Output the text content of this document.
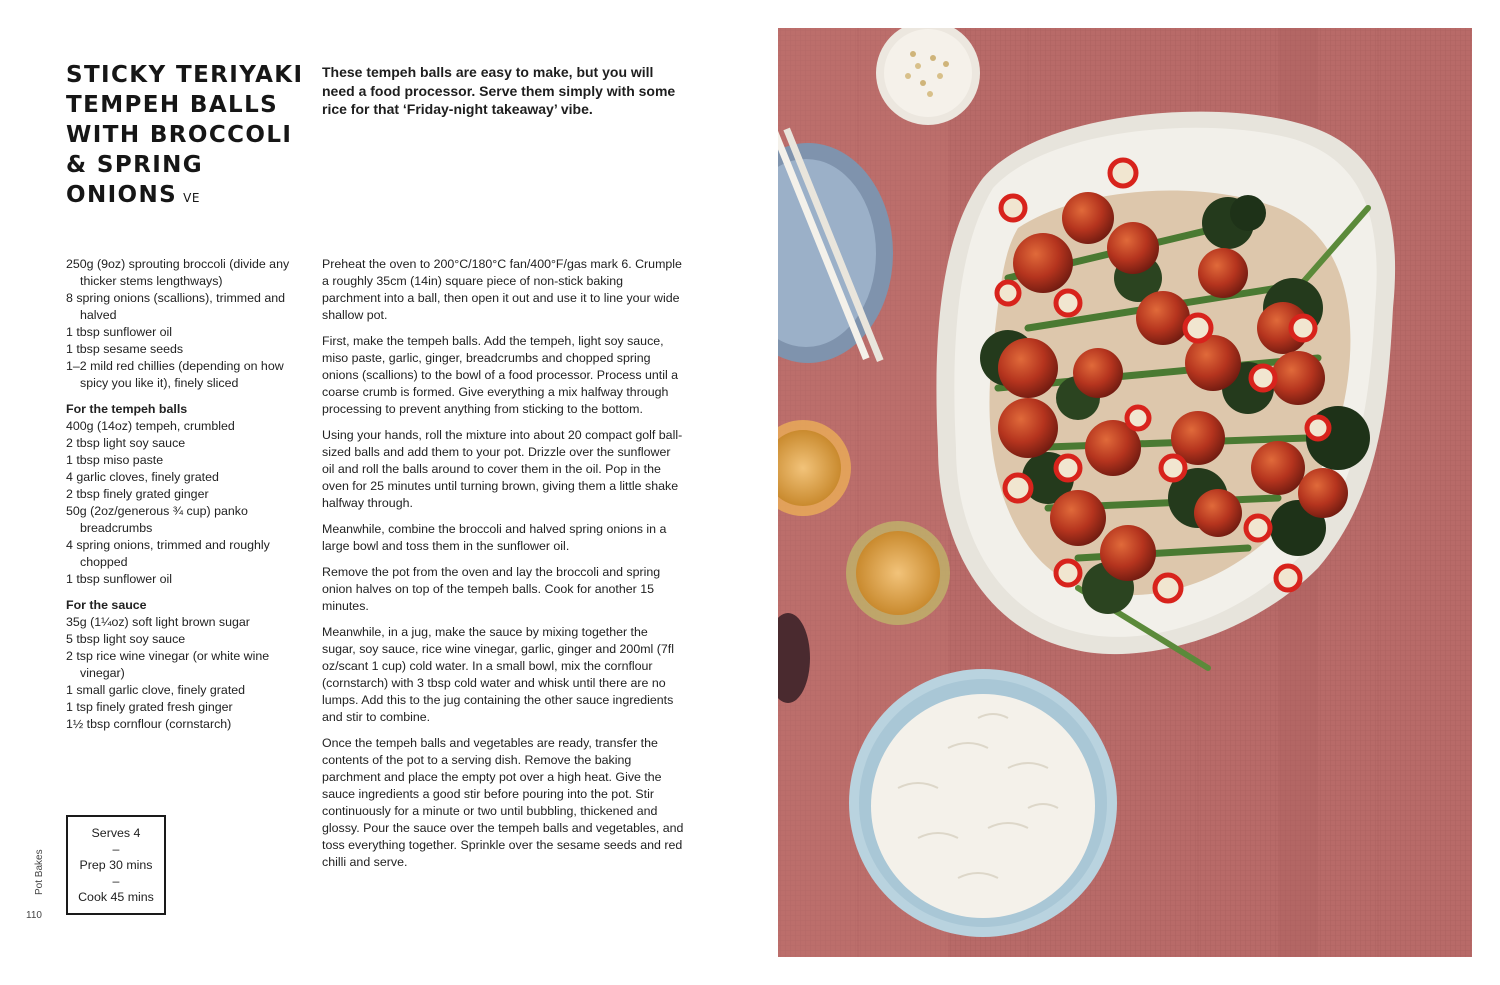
STICKY TERIYAKI
TEMPEH BALLS
WITH BROCCOLI
& SPRING
ONIONS VE

These tempeh balls are easy to make, but you will need a food processor. Serve them simply with some rice for that ‘Friday-night takeaway’ vibe.

250g (9oz) sprouting broccoli (divide any thicker stems lengthways)
8 spring onions (scallions), trimmed and halved
1 tbsp sunflower oil
1 tbsp sesame seeds
1–2 mild red chillies (depending on how spicy you like it), finely sliced
For the tempeh balls
400g (14oz) tempeh, crumbled
2 tbsp light soy sauce
1 tbsp miso paste
4 garlic cloves, finely grated
2 tbsp finely grated ginger
50g (2oz/generous ¾ cup) panko breadcrumbs
4 spring onions, trimmed and roughly chopped
1 tbsp sunflower oil
For the sauce
35g (1¼oz) soft light brown sugar
5 tbsp light soy sauce
2 tsp rice wine vinegar (or white wine vinegar)
1 small garlic clove, finely grated
1 tsp finely grated fresh ginger
1½ tbsp cornflour (cornstarch)

Preheat the oven to 200°C/180°C fan/400°F/gas mark 6. Crumple a roughly 35cm (14in) square piece of non-stick baking parchment into a ball, then open it out and use it to line your wide shallow pot.

First, make the tempeh balls. Add the tempeh, light soy sauce, miso paste, garlic, ginger, breadcrumbs and chopped spring onions (scallions) to the bowl of a food processor. Process until a coarse crumb is formed. Give everything a mix halfway through processing to prevent anything from sticking to the bottom.

Using your hands, roll the mixture into about 20 compact golf ball-sized balls and add them to your pot. Drizzle over the sunflower oil and roll the balls around to cover them in the oil. Pop in the oven for 25 minutes until turning brown, giving them a little shake halfway through.

Meanwhile, combine the broccoli and halved spring onions in a large bowl and toss them in the sunflower oil.

Remove the pot from the oven and lay the broccoli and spring onion halves on top of the tempeh balls. Cook for another 15 minutes.

Meanwhile, in a jug, make the sauce by mixing together the sugar, soy sauce, rice wine vinegar, garlic, ginger and 200ml (7fl oz/scant 1 cup) cold water. In a small bowl, mix the cornflour (cornstarch) with 3 tbsp cold water and whisk until there are no lumps. Add this to the jug containing the other sauce ingredients and stir to combine.

Once the tempeh balls and vegetables are ready, transfer the contents of the pot to a serving dish. Remove the baking parchment and place the empty pot over a high heat. Give the sauce ingredients a good stir before pouring into the pot. Stir continuously for a minute or two until bubbling, thickened and glossy. Pour the sauce over the tempeh balls and vegetables, and toss everything together. Sprinkle over the sesame seeds and red chilli and serve.

Serves 4
–
Prep 30 mins
–
Cook 45 mins
Pot Bakes
110
